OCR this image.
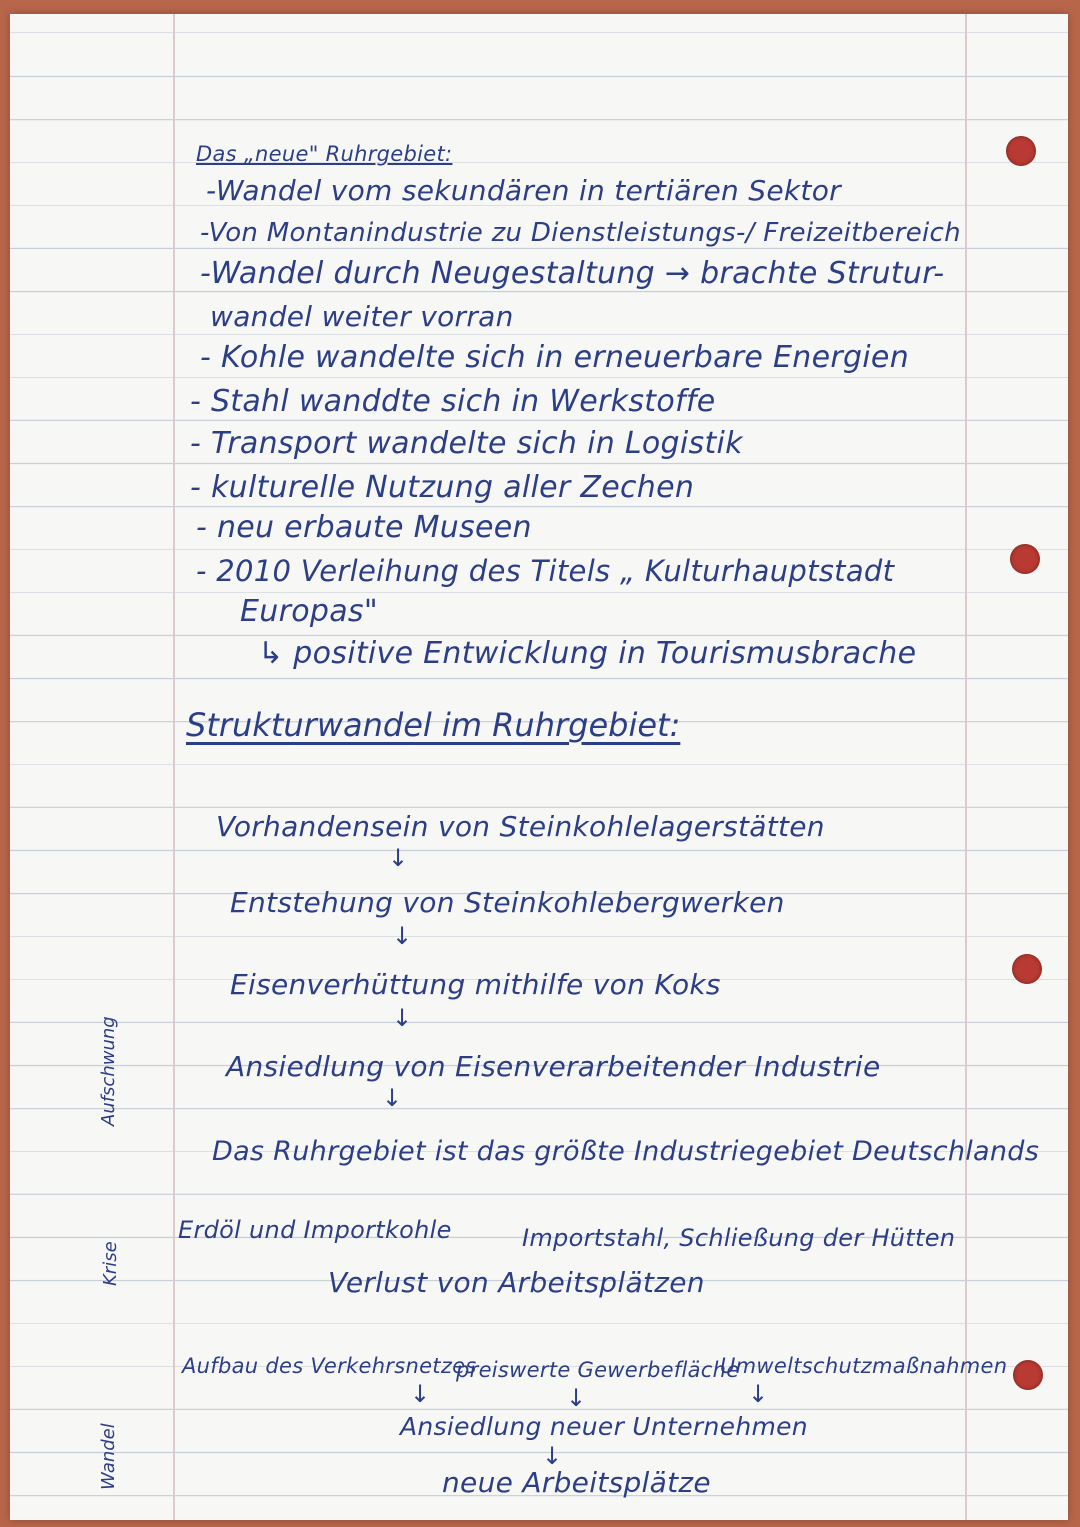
Das „neue" Ruhrgebiet:
-Wandel vom sekundären in tertiären Sektor
-Von Montanindustrie zu Dienstleistungs-/ Freizeitbereich
-Wandel durch Neugestaltung → brachte Strutur-
wandel weiter vorran
- Kohle wandelte sich in erneuerbare Energien
- Stahl wanddte sich in Werkstoffe
- Transport wandelte sich in Logistik
- kulturelle Nutzung aller Zechen
- neu erbaute Museen
- 2010 Verleihung des Titels „ Kulturhauptstadt
Europas"
↳ positive Entwicklung in Tourismusbrache
Strukturwandel im Ruhrgebiet:
Vorhandensein von Steinkohlelagerstätten
↓
Entstehung von Steinkohlebergwerken
↓
Eisenverhüttung mithilfe von Koks
↓
Ansiedlung von Eisenverarbeitender Industrie
↓
Das Ruhrgebiet ist das größte Industriegebiet Deutschlands
Erdöl und Importkohle	Importstahl, Schließung der Hütten
Verlust von Arbeitsplätzen
Aufbau des Verkehrsnetzes
preiswerte Gewerbefläche
Umweltschutzmaßnahmen
↓	↓	↓
Ansiedlung neuer Unternehmen
↓
neue Arbeitsplätze
Aufschwung
Krise
Wandel
